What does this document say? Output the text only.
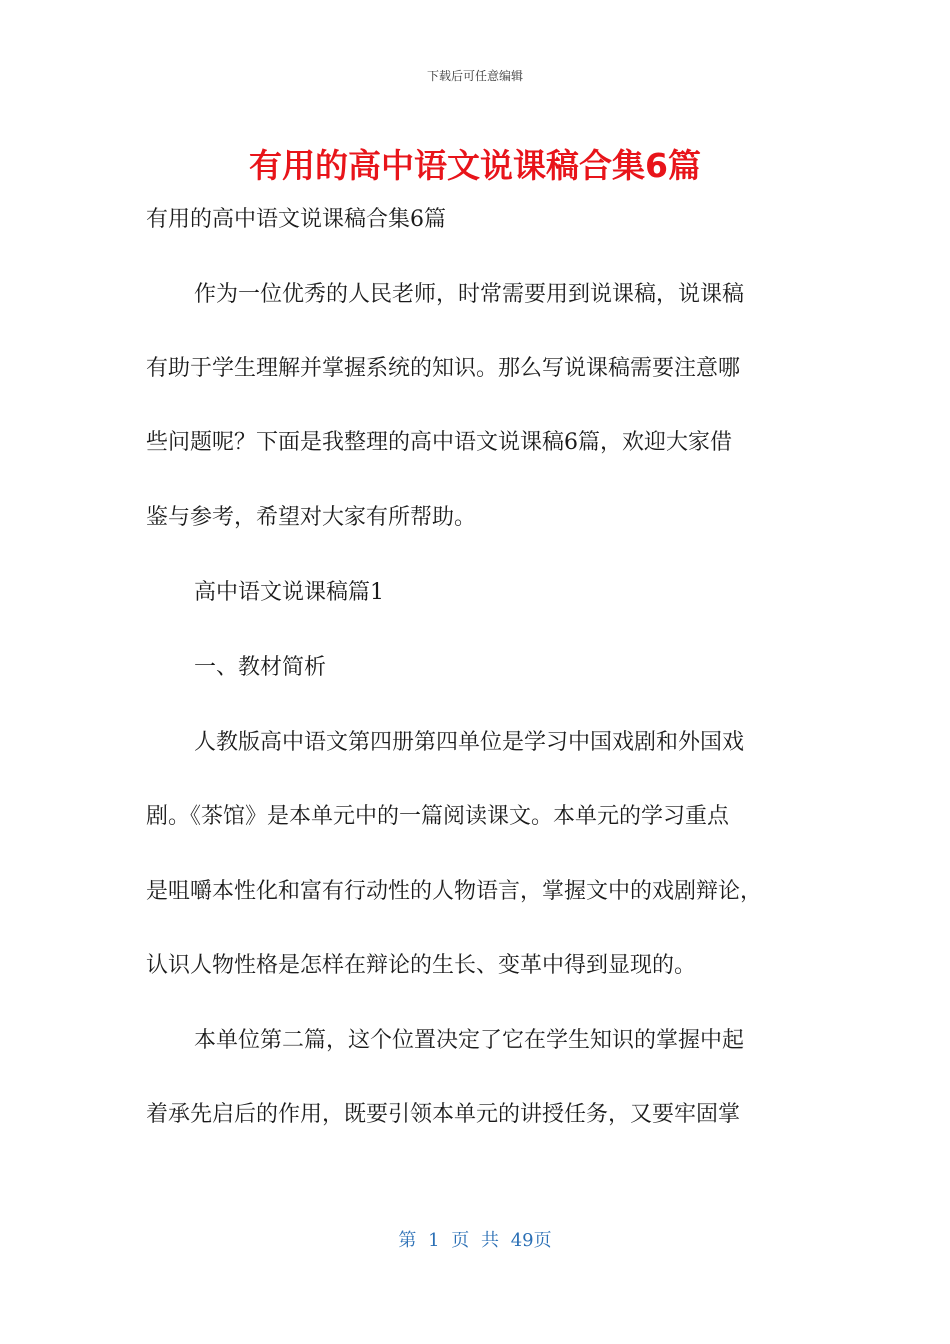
下载后可任意编辑
有用的高中语文说课稿合集6篇
有用的高中语文说课稿合集6篇
作为一位优秀的人民老师，时常需要用到说课稿，说课稿
有助于学生理解并掌握系统的知识。那么写说课稿需要注意哪
些问题呢？下面是我整理的高中语文说课稿6篇，欢迎大家借
鉴与参考，希望对大家有所帮助。
高中语文说课稿篇1
一、教材简析
人教版高中语文第四册第四单位是学习中国戏剧和外国戏
剧。《茶馆》是本单元中的一篇阅读课文。本单元的学习重点
是咀嚼本性化和富有行动性的人物语言，掌握文中的戏剧辩论，
认识人物性格是怎样在辩论的生长、变革中得到显现的。
本单位第二篇，这个位置决定了它在学生知识的掌握中起
着承先启后的作用，既要引领本单元的讲授任务，又要牢固掌
第 1 页 共 49页
